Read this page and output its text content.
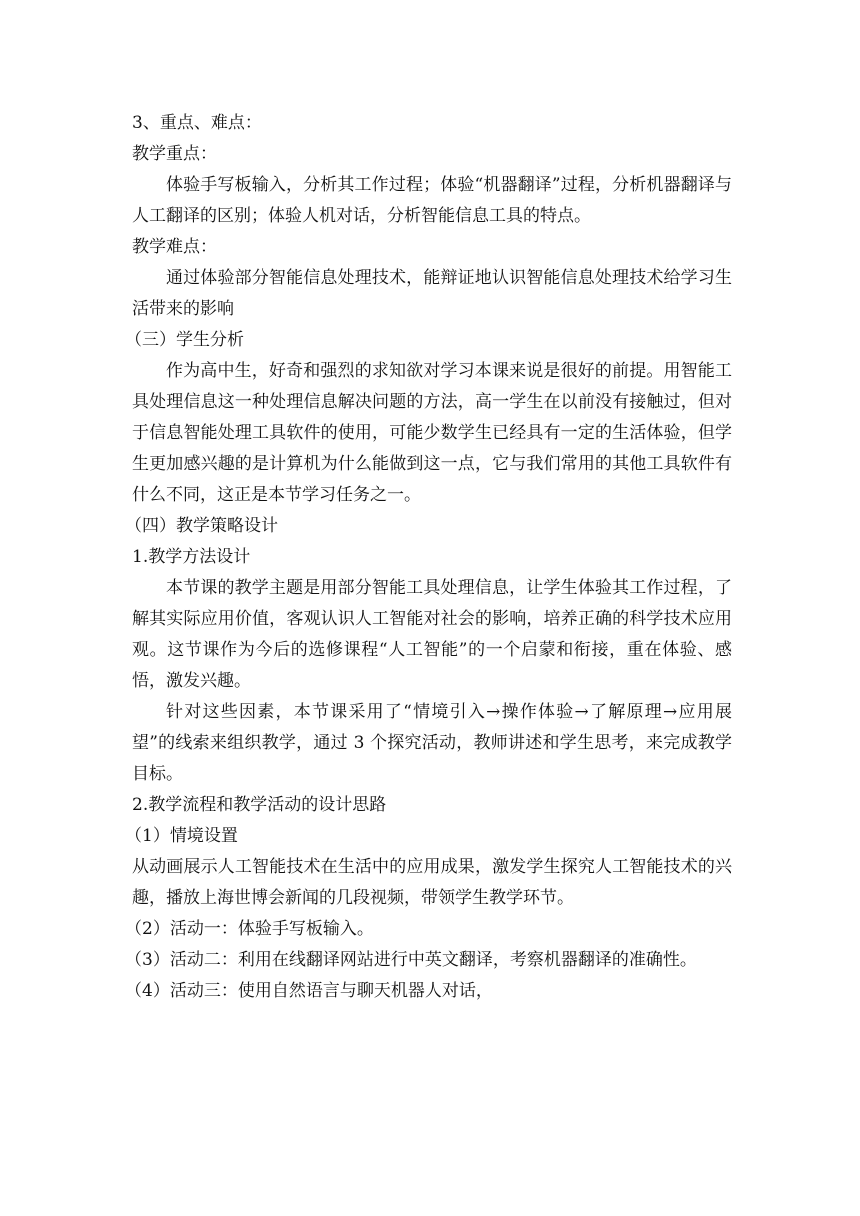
3、重点、难点：

教学重点：

体验手写板输入，分析其工作过程；体验“机器翻译”过程，分析机器翻译与人工翻译的区别；体验人机对话，分析智能信息工具的特点。

教学难点：

通过体验部分智能信息处理技术，能辩证地认识智能信息处理技术给学习生活带来的影响

（三）学生分析

作为高中生，好奇和强烈的求知欲对学习本课来说是很好的前提。用智能工具处理信息这一种处理信息解决问题的方法，高一学生在以前没有接触过，但对于信息智能处理工具软件的使用，可能少数学生已经具有一定的生活体验，但学生更加感兴趣的是计算机为什么能做到这一点，它与我们常用的其他工具软件有什么不同，这正是本节学习任务之一。

（四）教学策略设计

1.教学方法设计

本节课的教学主题是用部分智能工具处理信息，让学生体验其工作过程，了解其实际应用价值，客观认识人工智能对社会的影响，培养正确的科学技术应用观。这节课作为今后的选修课程“人工智能”的一个启蒙和衔接，重在体验、感悟，激发兴趣。

针对这些因素，本节课采用了“情境引入→操作体验→了解原理→应用展望”的线索来组织教学，通过 3 个探究活动，教师讲述和学生思考，来完成教学目标。

2.教学流程和教学活动的设计思路

（1）情境设置

从动画展示人工智能技术在生活中的应用成果，激发学生探究人工智能技术的兴趣，播放上海世博会新闻的几段视频，带领学生教学环节。

（2）活动一：体验手写板输入。

（3）活动二：利用在线翻译网站进行中英文翻译，考察机器翻译的准确性。

（4）活动三：使用自然语言与聊天机器人对话，
